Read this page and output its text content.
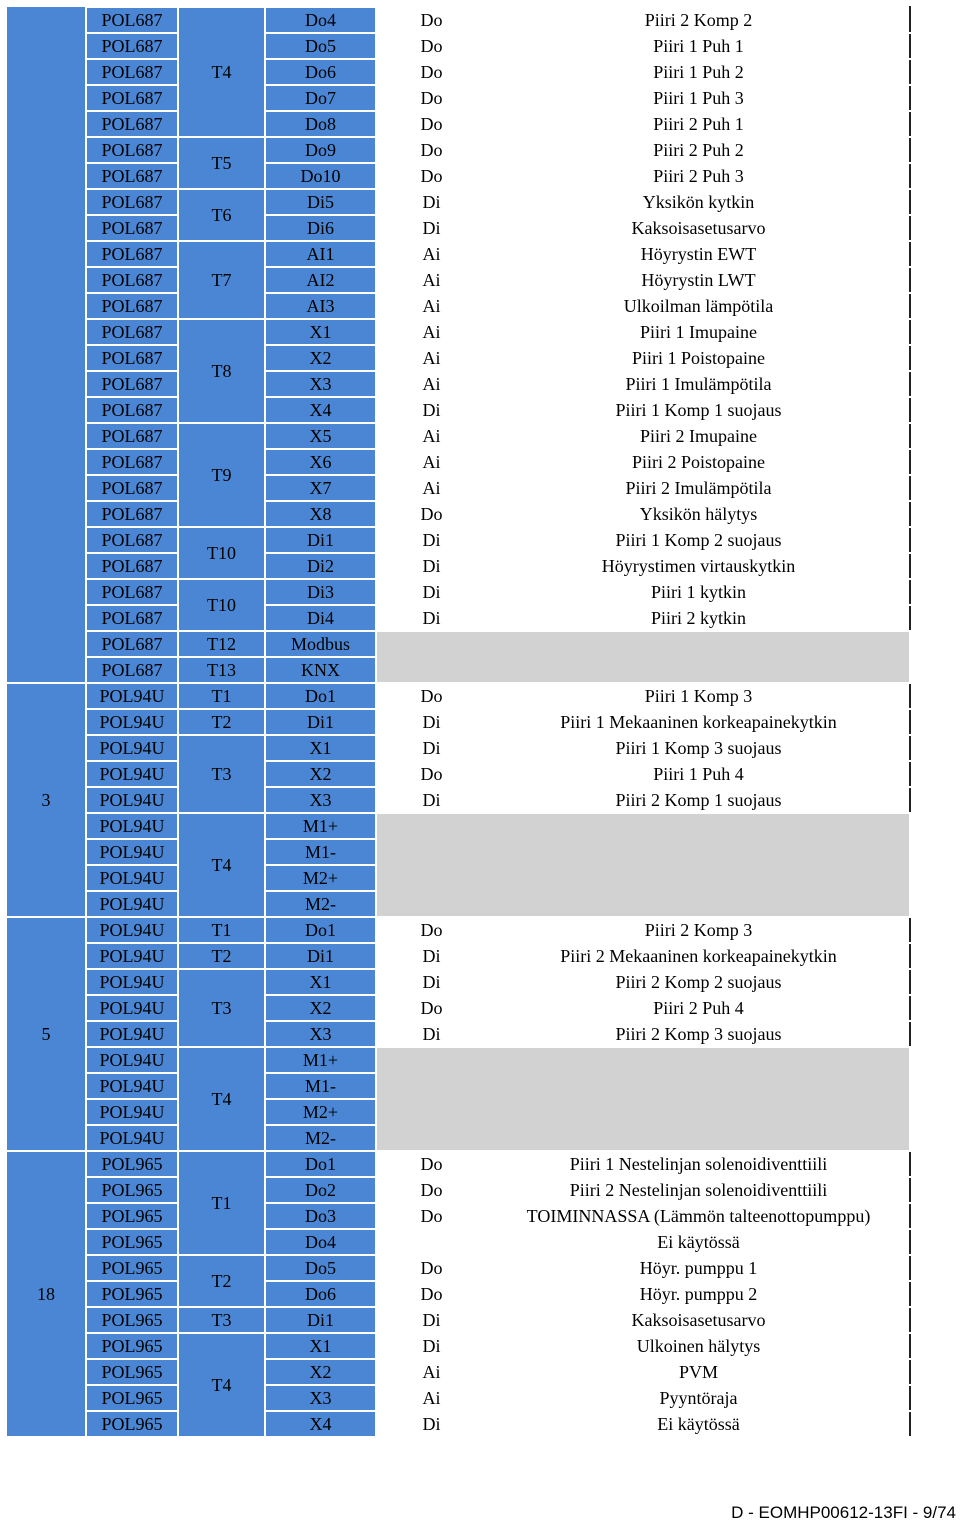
	POL687	T4	Do4	Do	Piiri 2 Komp 2
	POL687		Do5	Do	Piiri 1 Puh 1
	POL687		Do6	Do	Piiri 1 Puh 2
	POL687		Do7	Do	Piiri 1 Puh 3
	POL687		Do8	Do	Piiri 2 Puh 1
	POL687	T5	Do9	Do	Piiri 2 Puh 2
	POL687		Do10	Do	Piiri 2 Puh 3
	POL687	T6	Di5	Di	Yksikön kytkin
	POL687		Di6	Di	Kaksoisasetusarvo
	POL687	T7	AI1	Ai	Höyrystin EWT
	POL687		AI2	Ai	Höyrystin LWT
	POL687		AI3	Ai	Ulkoilman lämpötila
	POL687	T8	X1	Ai	Piiri 1 Imupaine
	POL687		X2	Ai	Piiri 1 Poistopaine
	POL687		X3	Ai	Piiri 1 Imulämpötila
	POL687		X4	Di	Piiri 1 Komp 1 suojaus
	POL687	T9	X5	Ai	Piiri 2 Imupaine
	POL687		X6	Ai	Piiri 2 Poistopaine
	POL687		X7	Ai	Piiri 2 Imulämpötila
	POL687		X8	Do	Yksikön hälytys
	POL687	T10	Di1	Di	Piiri 1 Komp 2 suojaus
	POL687		Di2	Di	Höyrystimen virtauskytkin
	POL687	T10	Di3	Di	Piiri 1 kytkin
	POL687		Di4	Di	Piiri 2 kytkin
	POL687	T12	Modbus		
	POL687	T13	KNX		
3	POL94U	T1	Do1	Do	Piiri 1 Komp 3
	POL94U	T2	Di1	Di	Piiri 1 Mekaaninen korkeapainekytkin
	POL94U	T3	X1	Di	Piiri 1 Komp 3 suojaus
	POL94U		X2	Do	Piiri 1 Puh 4
	POL94U		X3	Di	Piiri 2 Komp 1 suojaus
	POL94U	T4	M1+		
	POL94U		M1-		
	POL94U		M2+		
	POL94U		M2-		
5	POL94U	T1	Do1	Do	Piiri 2 Komp 3
	POL94U	T2	Di1	Di	Piiri 2 Mekaaninen korkeapainekytkin
	POL94U	T3	X1	Di	Piiri 2 Komp 2 suojaus
	POL94U		X2	Do	Piiri 2 Puh 4
	POL94U		X3	Di	Piiri 2 Komp 3 suojaus
	POL94U	T4	M1+		
	POL94U		M1-		
	POL94U		M2+		
	POL94U		M2-		
18	POL965	T1	Do1	Do	Piiri 1 Nestelinjan solenoidiventtiili
	POL965		Do2	Do	Piiri 2 Nestelinjan solenoidiventtiili
	POL965		Do3	Do	TOIMINNASSA (Lämmön talteenottopumppu)
	POL965		Do4		Ei käytössä
	POL965	T2	Do5	Do	Höyr. pumppu 1
	POL965		Do6	Do	Höyr. pumppu 2
	POL965	T3	Di1	Di	Kaksoisasetusarvo
	POL965	T4	X1	Di	Ulkoinen hälytys
	POL965		X2	Ai	PVM
	POL965		X3	Ai	Pyyntöraja
	POL965		X4	Di	Ei käytössä
D - EOMHP00612-13FI - 9/74
